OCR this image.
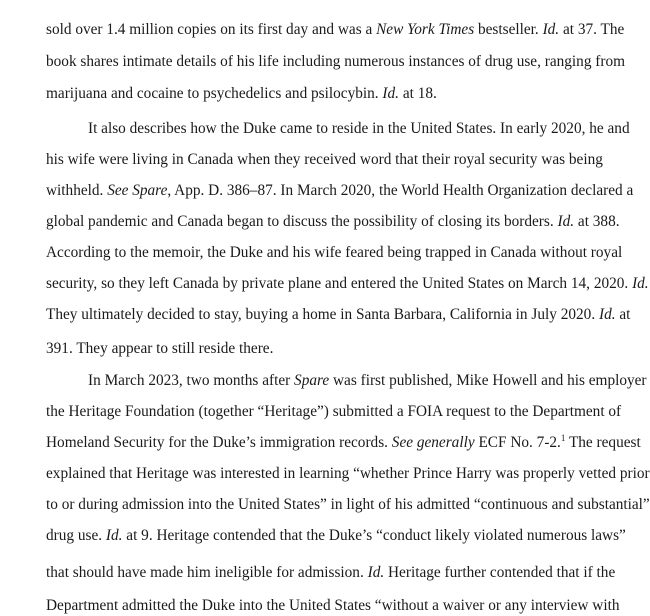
sold over 1.4 million copies on its first day and was a New York Times bestseller. Id. at 37. The
book shares intimate details of his life including numerous instances of drug use, ranging from
marijuana and cocaine to psychedelics and psilocybin. Id. at 18.
It also describes how the Duke came to reside in the United States. In early 2020, he and
his wife were living in Canada when they received word that their royal security was being
withheld. See Spare, App. D. 386–87. In March 2020, the World Health Organization declared a
global pandemic and Canada began to discuss the possibility of closing its borders. Id. at 388.
According to the memoir, the Duke and his wife feared being trapped in Canada without royal
security, so they left Canada by private plane and entered the United States on March 14, 2020. Id.
They ultimately decided to stay, buying a home in Santa Barbara, California in July 2020. Id. at
391. They appear to still reside there.
In March 2023, two months after Spare was first published, Mike Howell and his employer
the Heritage Foundation (together “Heritage”) submitted a FOIA request to the Department of
Homeland Security for the Duke’s immigration records. See generally ECF No. 7-2.$^1$ The request
explained that Heritage was interested in learning “whether Prince Harry was properly vetted prior
to or during admission into the United States” in light of his admitted “continuous and substantial”
drug use. Id. at 9. Heritage contended that the Duke’s “conduct likely violated numerous laws”
that should have made him ineligible for admission. Id. Heritage further contended that if the
Department admitted the Duke into the United States “without a waiver or any interview with
